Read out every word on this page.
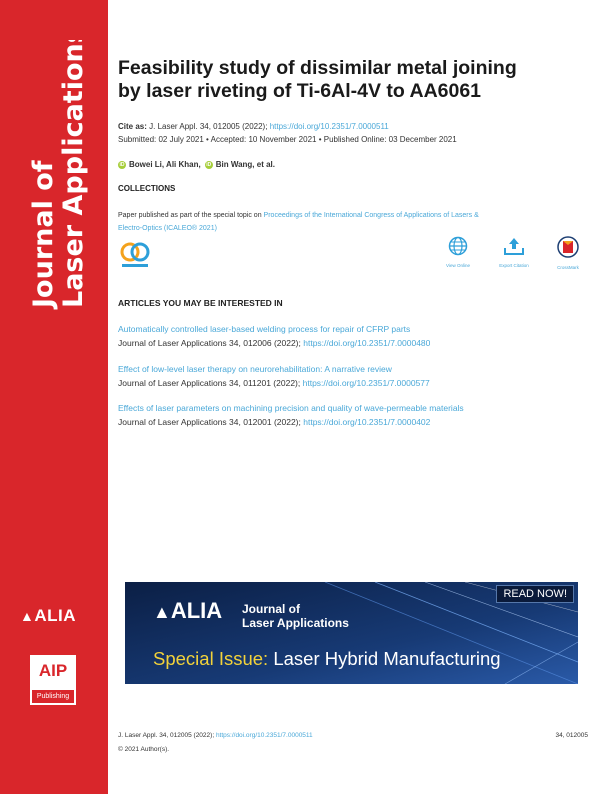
Journal of Laser Applications
▲ALIA
AIP
Publishing
Feasibility study of dissimilar metal joining
by laser riveting of Ti-6Al-4V to AA6061
Cite as: J. Laser Appl. 34, 012005 (2022); https://doi.org/10.2351/7.0000511
Submitted: 02 July 2021 • Accepted: 10 November 2021 • Published Online: 03 December 2021
iD Bowei Li, Ali Khan,	iD Bin Wang, et al.
COLLECTIONS
Paper published as part of the special topic on Proceedings of the International Congress of Applications of Lasers &
Electro-Optics (ICALEO® 2021)
View Online	Export Citation	CrossMark
ARTICLES YOU MAY BE INTERESTED IN
Automatically controlled laser-based welding process for repair of CFRP parts
Journal of Laser Applications 34, 012006 (2022); https://doi.org/10.2351/7.0000480
Effect of low-level laser therapy on neurorehabilitation: A narrative review
Journal of Laser Applications 34, 011201 (2022); https://doi.org/10.2351/7.0000577
Effects of laser parameters on machining precision and quality of wave-permeable materials
Journal of Laser Applications 34, 012001 (2022); https://doi.org/10.2351/7.0000402
▲ALIA Journal of
Laser Applications
READ NOW!
Special Issue: Laser Hybrid Manufacturing
J. Laser Appl. 34, 012005 (2022); https://doi.org/10.2351/7.0000511	34, 012005
© 2021 Author(s).
